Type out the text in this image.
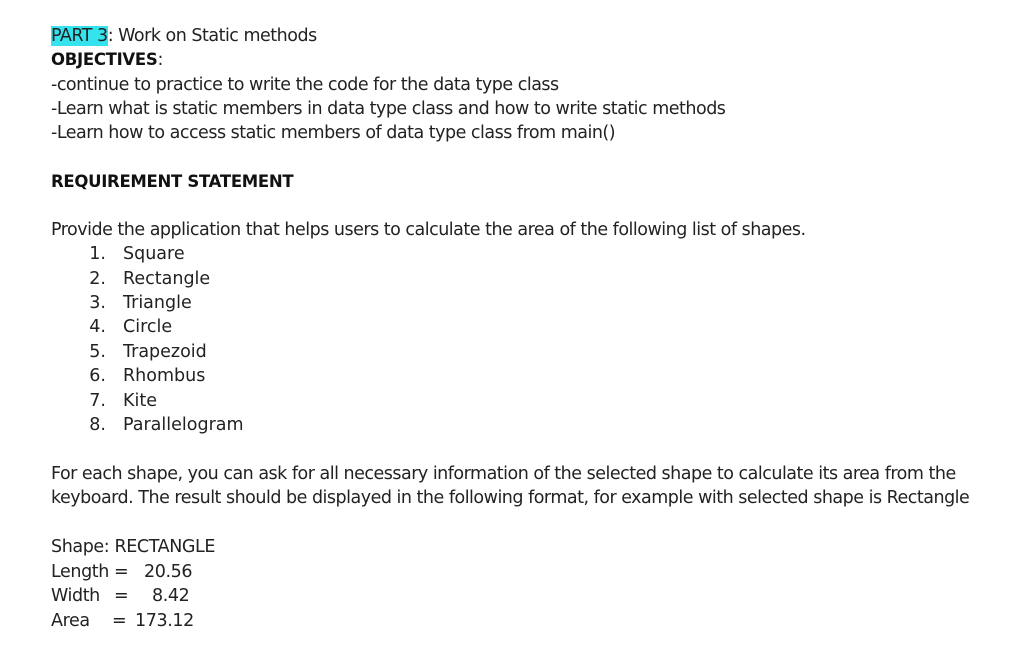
PART 3: Work on Static methods
OBJECTIVES:
-continue to practice to write the code for the data type class
-Learn what is static members in data type class and how to write static methods
-Learn how to access static members of data type class from main()
REQUIREMENT STATEMENT
Provide the application that helps users to calculate the area of the following list of shapes.
1. Square
2. Rectangle
3. Triangle
4. Circle
5. Trapezoid
6. Rhombus
7. Kite
8. Parallelogram
For each shape, you can ask for all necessary information of the selected shape to calculate its area from the
keyboard. The result should be displayed in the following format, for example with selected shape is Rectangle
Shape: RECTANGLE
Length = 20.56
Width = 8.42
Area = 173.12
